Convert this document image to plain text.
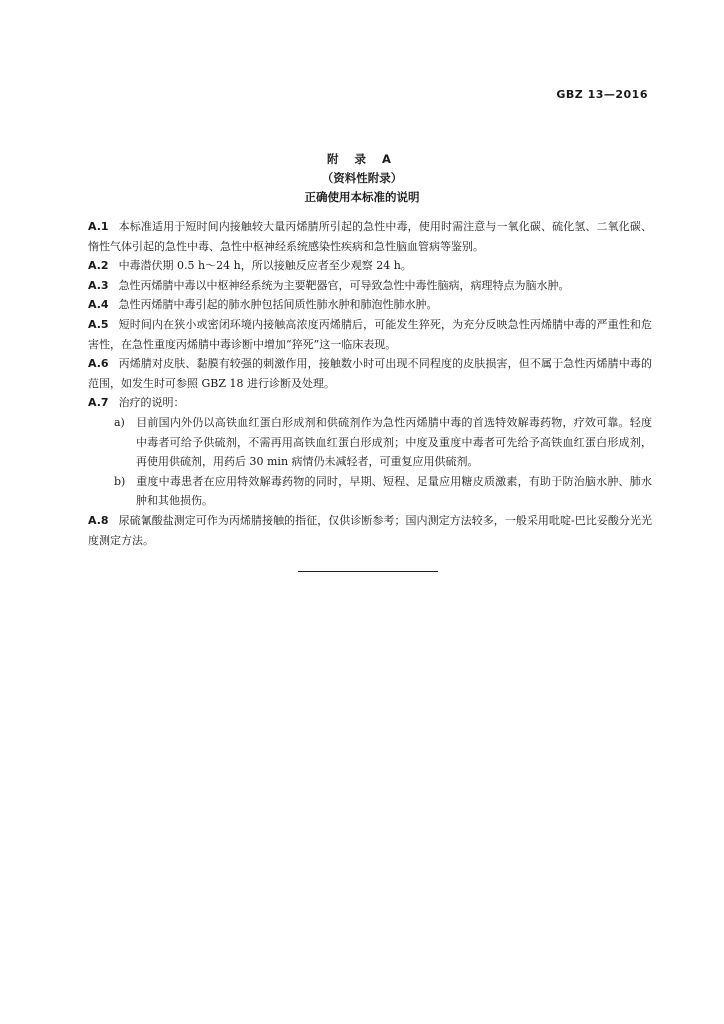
GBZ 13—2016
附 录 A
（资料性附录）
正确使用本标准的说明

A.1 本标准适用于短时间内接触较大量丙烯腈所引起的急性中毒，使用时需注意与一氧化碳、硫化氢、二氧化碳、惰性气体引起的急性中毒、急性中枢神经系统感染性疾病和急性脑血管病等鉴别。

A.2 中毒潜伏期 0.5 h～24 h，所以接触反应者至少观察 24 h。

A.3 急性丙烯腈中毒以中枢神经系统为主要靶器官，可导致急性中毒性脑病，病理特点为脑水肿。

A.4 急性丙烯腈中毒引起的肺水肿包括间质性肺水肿和肺泡性肺水肿。

A.5 短时间内在狭小或密闭环境内接触高浓度丙烯腈后，可能发生猝死，为充分反映急性丙烯腈中毒的严重性和危害性，在急性重度丙烯腈中毒诊断中增加“猝死”这一临床表现。

A.6 丙烯腈对皮肤、黏膜有较强的刺激作用，接触数小时可出现不同程度的皮肤损害，但不属于急性丙烯腈中毒的范围，如发生时可参照 GBZ 18 进行诊断及处理。

A.7 治疗的说明：

a) 目前国内外仍以高铁血红蛋白形成剂和供硫剂作为急性丙烯腈中毒的首选特效解毒药物，疗效可靠。轻度中毒者可给予供硫剂，不需再用高铁血红蛋白形成剂；中度及重度中毒者可先给予高铁血红蛋白形成剂，再使用供硫剂，用药后 30 min 病情仍未减轻者，可重复应用供硫剂。

b) 重度中毒患者在应用特效解毒药物的同时，早期、短程、足量应用糖皮质激素，有助于防治脑水肿、肺水肿和其他损伤。

A.8 尿硫氰酸盐测定可作为丙烯腈接触的指征，仅供诊断参考；国内测定方法较多，一般采用吡啶-巴比妥酸分光光度测定方法。
